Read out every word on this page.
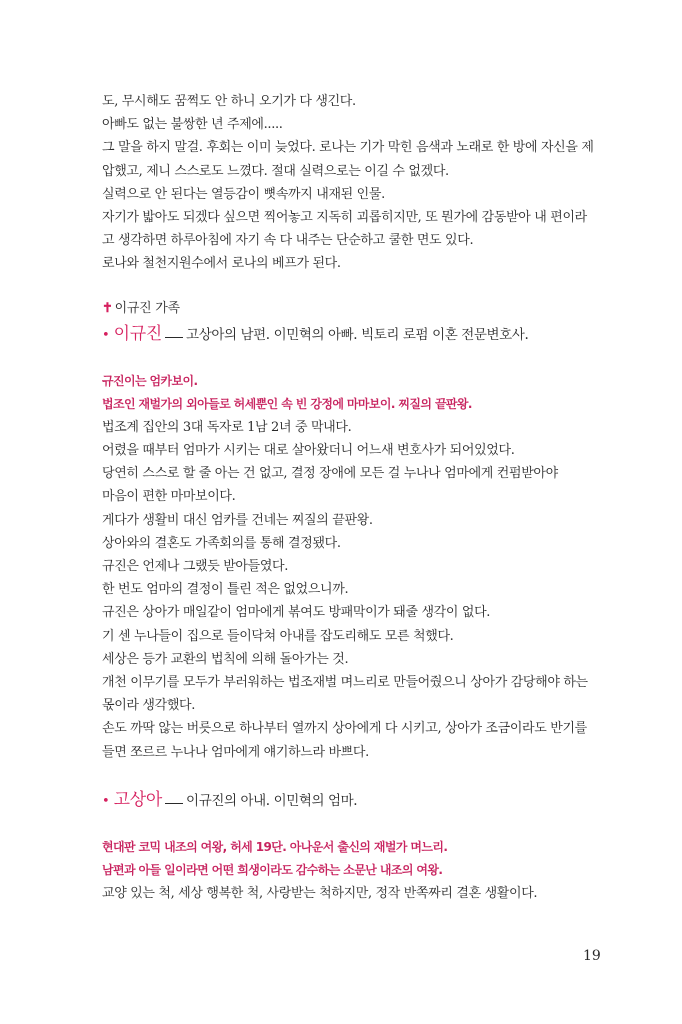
도, 무시해도 꿈쩍도 안 하니 오기가 다 생긴다.
아빠도 없는 불쌍한 년 주제에.....
그 말을 하지 말걸. 후회는 이미 늦었다. 로나는 기가 막힌 음색과 노래로 한 방에 자신을 제
압했고, 제니 스스로도 느꼈다. 절대 실력으로는 이길 수 없겠다.
실력으로 안 된다는 열등감이 뼛속까지 내재된 인물.
자기가 밟아도 되겠다 싶으면 찍어놓고 지독히 괴롭히지만, 또 뭔가에 감동받아 내 편이라
고 생각하면 하루아침에 자기 속 다 내주는 단순하고 쿨한 면도 있다.
로나와 철천지원수에서 로나의 베프가 된다.
✝ 이규진 가족
• 이규진 고상아의 남편. 이민혁의 아빠. 빅토리 로펌 이혼 전문변호사.
규진이는 엄카보이.
법조인 재벌가의 외아들로 허세뿐인 속 빈 강정에 마마보이. 찌질의 끝판왕.
법조계 집안의 3대 독자로 1남 2녀 중 막내다.
어렸을 때부터 엄마가 시키는 대로 살아왔더니 어느새 변호사가 되어있었다.
당연히 스스로 할 줄 아는 건 없고, 결정 장애에 모든 걸 누나나 엄마에게 컨펌받아야
마음이 편한 마마보이다.
게다가 생활비 대신 엄카를 건네는 찌질의 끝판왕.
상아와의 결혼도 가족회의를 통해 결정됐다.
규진은 언제나 그랬듯 받아들였다.
한 번도 엄마의 결정이 틀린 적은 없었으니까.
규진은 상아가 매일같이 엄마에게 볶여도 방패막이가 돼줄 생각이 없다.
기 센 누나들이 집으로 들이닥쳐 아내를 잡도리해도 모른 척했다.
세상은 등가 교환의 법칙에 의해 돌아가는 것.
개천 이무기를 모두가 부러워하는 법조재벌 며느리로 만들어줬으니 상아가 감당해야 하는
몫이라 생각했다.
손도 까딱 않는 버릇으로 하나부터 열까지 상아에게 다 시키고, 상아가 조금이라도 반기를
들면 쪼르르 누나나 엄마에게 얘기하느라 바쁘다.
• 고상아 이규진의 아내. 이민혁의 엄마.
현대판 코믹 내조의 여왕, 허세 19단. 아나운서 출신의 재벌가 며느리.
남편과 아들 일이라면 어떤 희생이라도 감수하는 소문난 내조의 여왕.
교양 있는 척, 세상 행복한 척, 사랑받는 척하지만, 정작 반쪽짜리 결혼 생활이다.
19
